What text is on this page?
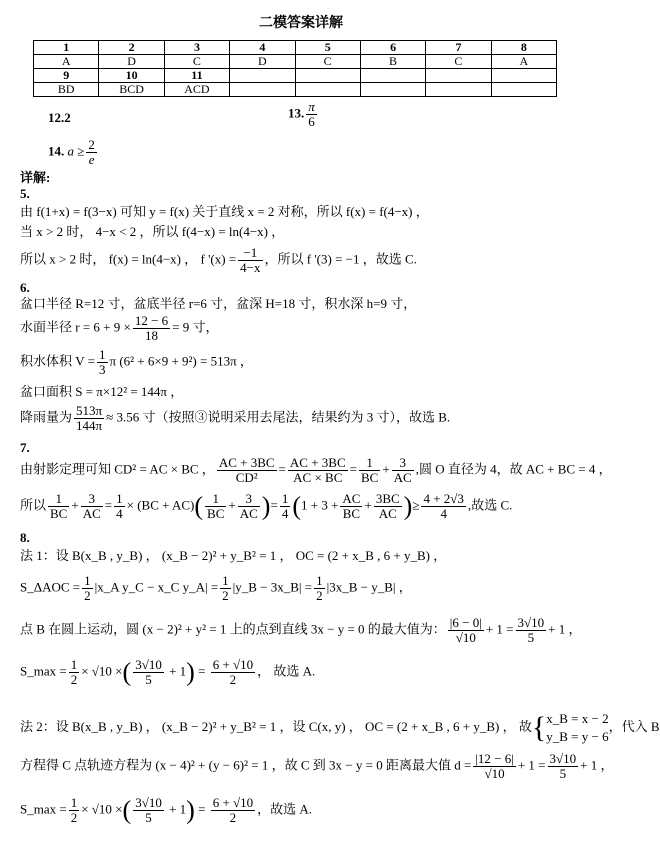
二模答案详解
1	2	3	4	5	6	7	8
A	D	C	D	C	B	C	A
9	10	11					
BD	BCD	ACD					
12.2	13. $\frac{\pi}{6}$
14. $a \ge \frac{2}{e}$
详解:
5.
由 f(1+x) = f(3−x) 可知 y = f(x) 关于直线 x = 2 对称，所以 f(x) = f(4−x) ，
当 x > 2 时， 4−x < 2 ，所以 f(4−x) = ln(4−x) ，
所以 x > 2 时， f(x) = ln(4−x) ， f '$(x) = \frac{-1}{4-x}$ ，所以 f '(3) = −1 ，故选 C.
6.
盆口半径 R=12 寸，盆底半径 r=6 寸，盆深 H=18 寸，积水深 h=9 寸，
水面半径 $r = 6 + 9 \times \frac{12 - 6}{18} = 9$ 寸，
积水体积 $V = \frac{1}{3}$ π (6² + 6×9 + 9²) = 513π ，
盆口面积 S = π×12² = 144π ，
降雨量为 $\frac{513\pi}{144\pi} \approx 3.56$ 寸（按照③说明采用去尾法，结果约为 3 寸），故选 B.
7.
由射影定理可知 CD² = AC × BC ， $\frac{AC + 3BC}{\text{CD²}} = \frac{AC + 3BC}{AC \times BC} = \frac{1}{BC} + \frac{3}{AC}$ ,圆 O 直径为 4，故 AC + BC = 4 ，
所以 $\frac{1}{BC} + \frac{3}{AC} = \frac{1}{4} \times (BC + AC)( \frac{1}{BC} + \frac{3}{AC}$ )= $\frac{1}{4} (1 + 3 + \frac{AC}{BC} + \frac{3BC}{AC}$ )≥ $\frac{4 + 2√3}{4}$ ,故选 C.
8.
法 1：设 B(x_B , y_B) ， (x_B − 2)² + y_B² = 1 ， OC = (2 + x_B , 6 + y_B) ，
S_ΔAOC = $\frac{1}{2}$ |x_A y_C − x_C y_A| = $\frac{1}{2}$ |y_B − 3x_B| = $\frac{1}{2}$ |3x_B − y_B| ，
点 B 在圆上运动，圆 (x − 2)² + y² = 1 上的点到直线 3x − y = 0 的最大值为： $\frac{|6 - 0|}{√10} + 1 = \frac{3√10}{5} + 1$ ，
S_max = $\frac{1}{2} \times √10$ ×( $\frac{3√10}{5} + 1) = \frac{6 + √10}{2}$ ， 故选 A.
法 2：设 B(x_B , y_B) ， (x_B − 2)² + y_B² = 1 ，设 C(x, y) ， OC = (2 + x_B , 6 + y_B) ， 故{ x_B = x − 2
y_B = y − 6
，代入 B
方程得 C 点轨迹方程为 (x − 4)² + (y − 6)² = 1 ，故 C 到 3x − y = 0 距离最大值 $d = \frac{|12 - 6|}{√10} + 1 = \frac{3√10}{5} + 1$ ，
S_max = $\frac{1}{2} \times √10$ ×( $\frac{3√10}{5} + 1) = \frac{6 + √10}{2}$ ，故选 A.
